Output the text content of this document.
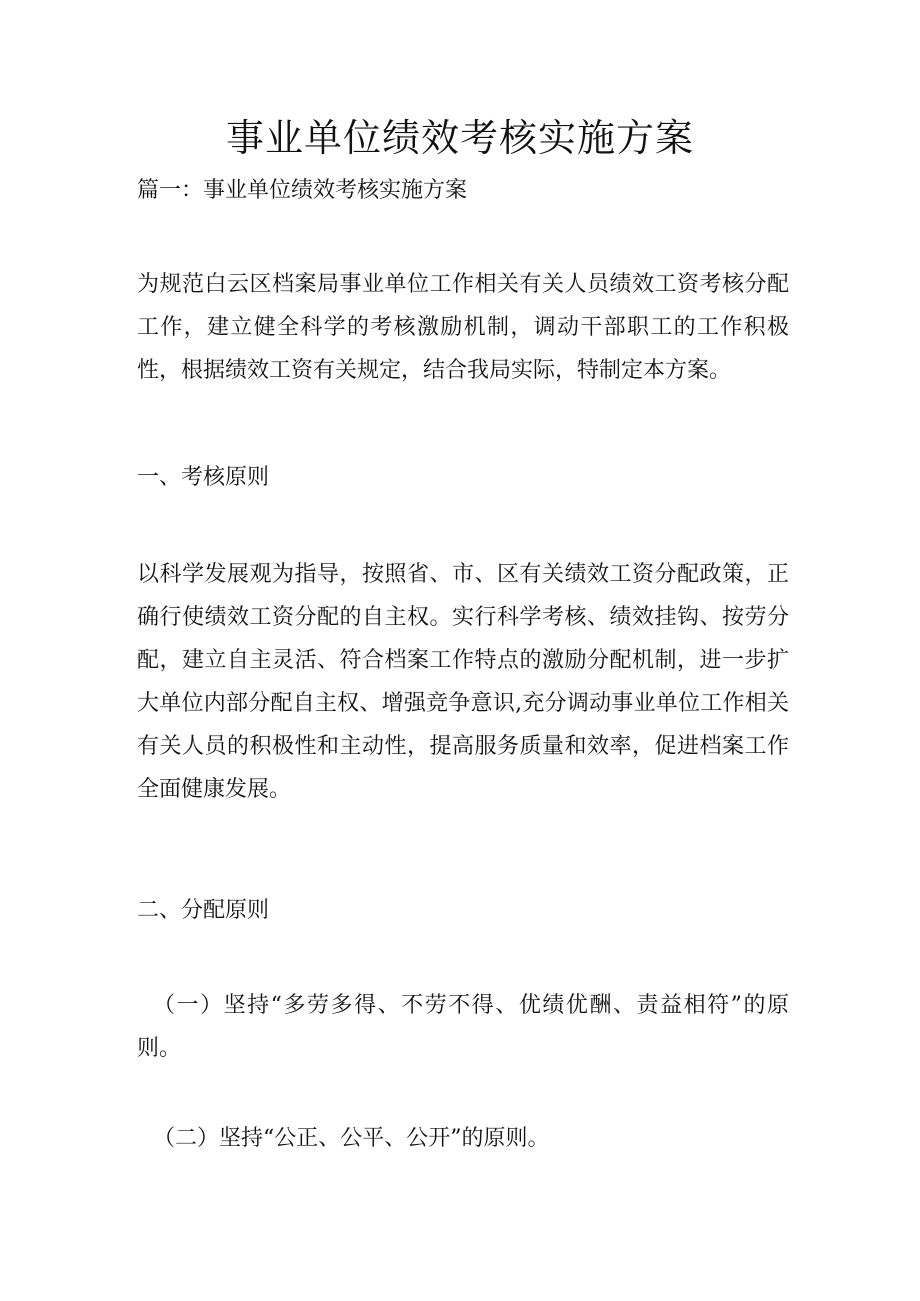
事业单位绩效考核实施方案

篇一：事业单位绩效考核实施方案

为规范白云区档案局事业单位工作相关有关人员绩效工资考核分配工作，建立健全科学的考核激励机制，调动干部职工的工作积极性，根据绩效工资有关规定，结合我局实际，特制定本方案。

一、考核原则

以科学发展观为指导，按照省、市、区有关绩效工资分配政策，正确行使绩效工资分配的自主权。实行科学考核、绩效挂钩、按劳分配，建立自主灵活、符合档案工作特点的激励分配机制，进一步扩大单位内部分配自主权、增强竞争意识,充分调动事业单位工作相关有关人员的积极性和主动性，提高服务质量和效率，促进档案工作全面健康发展。

二、分配原则

（一）坚持“多劳多得、不劳不得、优绩优酬、责益相符”的原则。

（二）坚持“公正、公平、公开”的原则。
